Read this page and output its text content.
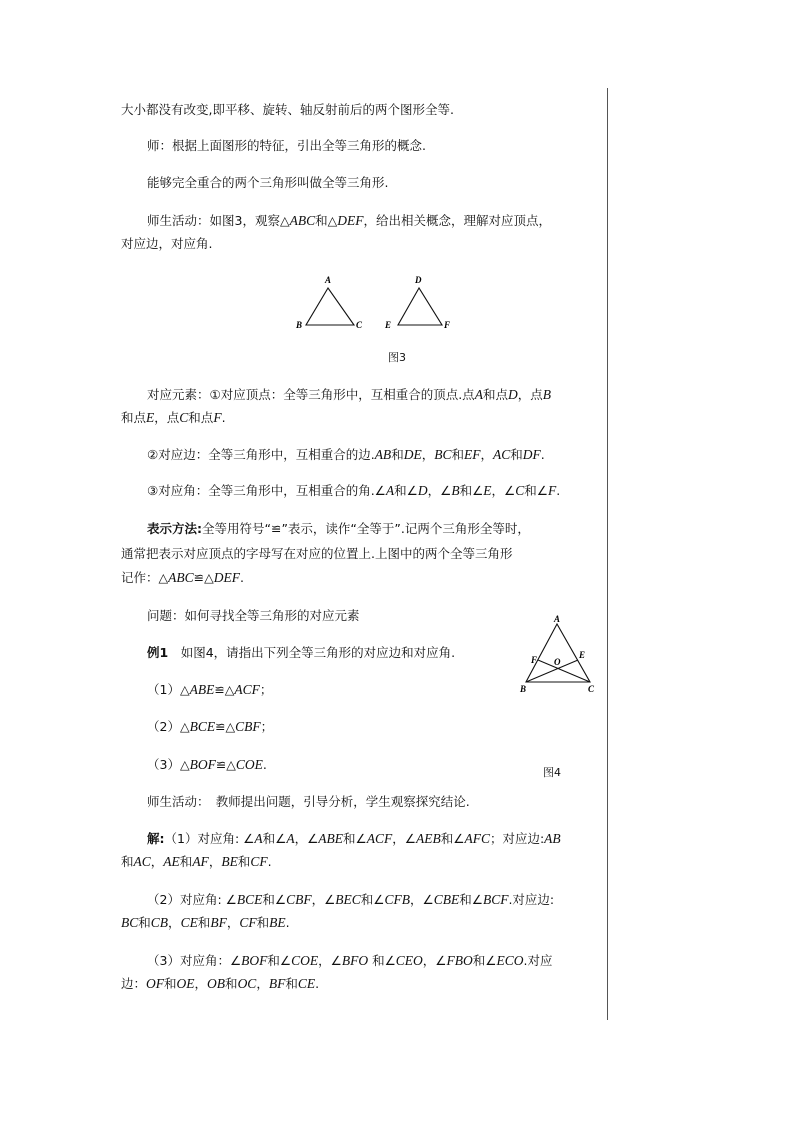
大小都没有改变,即平移、旋转、轴反射前后的两个图形全等.
师：根据上面图形的特征，引出全等三角形的概念.
能够完全重合的两个三角形叫做全等三角形.
师生活动：如图3，观察△ABC和△DEF，给出相关概念，理解对应顶点，
对应边，对应角.
A
B	C
D
E	F
图3
对应元素：①对应顶点：全等三角形中，互相重合的顶点.点A和点D，点B
和点E，点C和点F.
②对应边：全等三角形中，互相重合的边.AB和DE，BC和EF，AC和DF.
③对应角：全等三角形中，互相重合的角.∠A和∠D，∠B和∠E，∠C和∠F.
表示方法:全等用符号“≌”表示，读作“全等于”.记两个三角形全等时，
通常把表示对应顶点的字母写在对应的位置上.上图中的两个全等三角形
记作：△ABC≌△DEF.
问题：如何寻找全等三角形的对应元素
例1　 如图4，请指出下列全等三角形的对应边和对应角.
（1）△ABE≌△ACF；
（2）△BCE≌△CBF；
（3）△BOF≌△COE.
A
F O
E
B	C
图4
师生活动：　教师提出问题，引导分析，学生观察探究结论.
解:（1）对应角: ∠A和∠A，∠ABE和∠ACF，∠AEB和∠AFC；对应边:AB
和AC，AE和AF，BE和CF.
（2）对应角: ∠BCE和∠CBF，∠BEC和∠CFB，∠CBE和∠BCF.对应边:
BC和CB，CE和BF，CF和BE.
（3）对应角：∠BOF和∠COE，∠BFO 和∠CEO，∠FBO和∠ECO.对应
边：OF和OE，OB和OC，BF和CE.
